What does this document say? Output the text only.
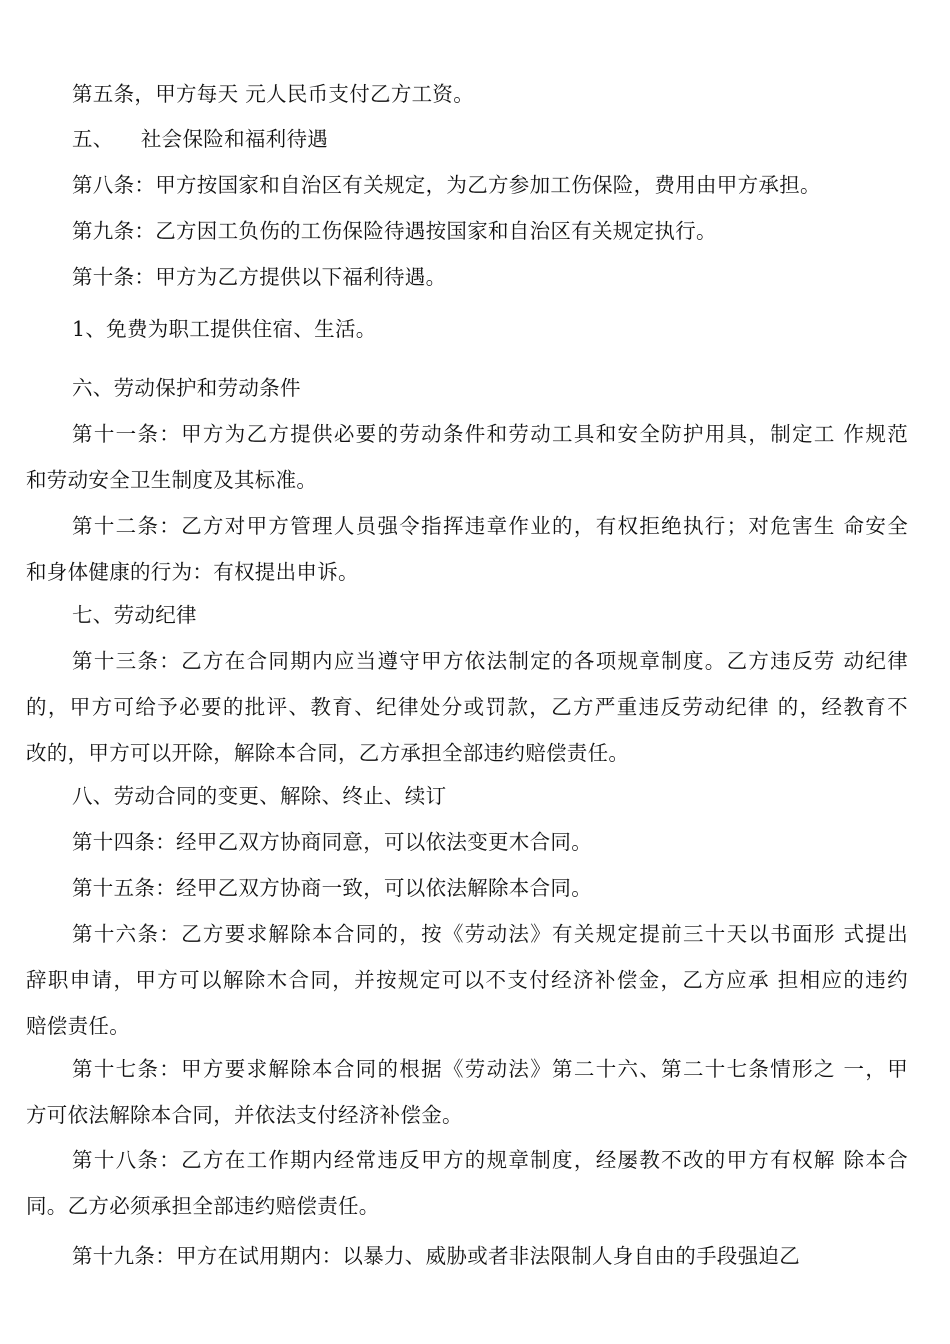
第五条，甲方每天 元人民币支付乙方工资。
五、    社会保险和福利待遇
第八条：甲方按国家和自治区有关规定，为乙方参加工伤保险，费用由甲方承担。
第九条：乙方因工负伤的工伤保险待遇按国家和自治区有关规定执行。
第十条：甲方为乙方提供以下福利待遇。
1、免费为职工提供住宿、生活。
六、劳动保护和劳动条件
第十一条：甲方为乙方提供必要的劳动条件和劳动工具和安全防护用具，制定工 作规范
和劳动安全卫生制度及其标准。
第十二条：乙方对甲方管理人员强令指挥违章作业的，有权拒绝执行；对危害生 命安全
和身体健康的行为：有权提出申诉。
七、劳动纪律
第十三条：乙方在合同期内应当遵守甲方依法制定的各项规章制度。乙方违反劳 动纪律
的，甲方可给予必要的批评、教育、纪律处分或罚款，乙方严重违反劳动纪律 的，经教育不
改的，甲方可以开除，解除本合同，乙方承担全部违约赔偿责任。
八、劳动合同的变更、解除、终止、续订
第十四条：经甲乙双方协商同意，可以依法变更木合同。
第十五条：经甲乙双方协商一致，可以依法解除本合同。
第十六条：乙方要求解除本合同的，按《劳动法》有关规定提前三十天以书面形 式提出
辞职申请，甲方可以解除木合同，并按规定可以不支付经济补偿金，乙方应承 担相应的违约
赔偿责任。
第十七条：甲方要求解除本合同的根据《劳动法》第二十六、第二十七条情形之 一，甲
方可依法解除本合同，并依法支付经济补偿金。
第十八条：乙方在工作期内经常违反甲方的规章制度，经屡教不改的甲方有权解 除本合
同。乙方必须承担全部违约赔偿责任。
第十九条：甲方在试用期内：以暴力、威胁或者非法限制人身自由的手段强迫乙
